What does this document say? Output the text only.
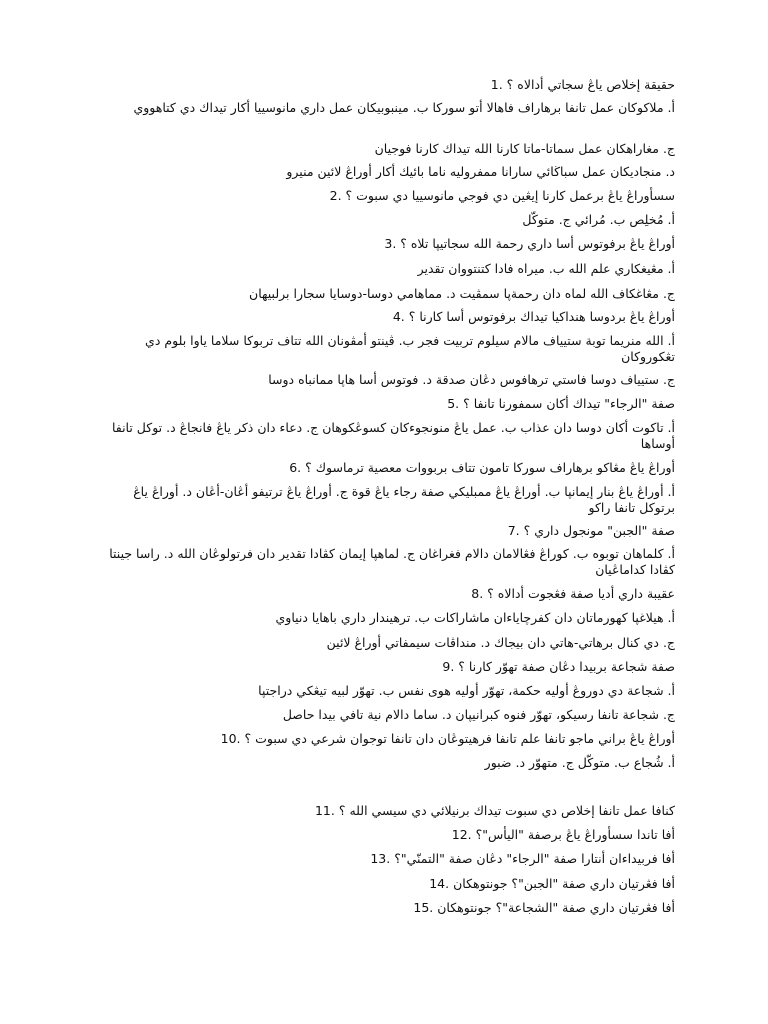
حقيقة إخلاص ياڠ سجاتي أدالاه ؟ .1
أ. ملاكوكان عمل تانفا برهاراف فاهالا أتو سوركا ب. مينبوبيكان عمل داري مانوسييا أكار تيداك دي كتاهووي
ج. مغاراهكان عمل سماتا-ماتا كارنا الله تيداك كارنا فوجيان
د. منجاديكان عمل سباڬائي سارانا ممفروليه ناما بائيك أكار أوراڠ لائين منيرو
سسأوراڠ ياڠ برعمل كارنا إيڠين دي فوجي مانوسييا دي سبوت ؟ .2
أ. مُخلِص ب. مُرائي ج. متوكّل
أوراڠ ياڠ برفوتوس أسا داري رحمة الله سجاتيپا تلاه ؟ .3
أ. مڠيغكاري علم الله ب. ميراه فادا كتنتووان تقدير
ج. مڠاغكاف الله لماه دان رحمةڽا سمڤيت د. مماهامي دوسا-دوسايا سجارا برلبيهان
أوراڠ ياڠ بردوسا هنداكيا تيداك برفوتوس أسا كارنا ؟ .4
أ. الله منريما توبة ستيياف مالام سيلوم تربيت فجر ب. ڤينتو أمڤونان الله تتاف تربوكا سلاما ياوا بلوم دي تڠكوروكان
ج. ستيياف دوسا فاستي ترهافوس دڠان صدقة د. فوتوس أسا هاپا ممانباه دوسا
صفة "الرجاء" تيداك أكان سمفورنا تانفا ؟ .5
أ. تاكوت أكان دوسا دان عذاب ب. عمل ياڠ منونجوءكان كسوڠكوهان ج. دعاء دان ذكر ياڠ فانجاڠ د. توكل تانفا أوساها
أوراڠ ياڠ مڠاكو برهاراف سوركا تامون تتاف بربووات معصية ترماسوك ؟ .6
أ. أوراڠ ياڠ بنار إيمانپا ب. أوراڠ ياڠ ممبليكي صفة رجاء ياڠ قوة ج. أوراڠ ياڠ ترتيفو أڠان-أڠان د. أوراڠ ياڠ برتوكل تانفا راكو
صفة "الجبن" مونجول داري ؟ .7
أ. كلماهان توبوه ب. كوراڠ فڠالامان دالام فغراغان ج. لماهپا إيمان كڤادا تقدير دان فرتولوڠان الله د. راسا جينتا كڤادا كداماڠيان
عقيبة داري أديا صفة فڠجوت أدالاه ؟ .8
أ. هيلاغپا كهورماتان دان كفرچاياءان ماشاراكات ب. ترهيندار داري باهايا دنياوي
ج. دي كنال برهاتي-هاتي دان بيجاك د. منداڤات سيمفاتي أوراڠ لائين
صفة شجاعة بربيدا دڠان صفة تهوّر كارنا ؟ .9
أ. شجاعة دي دوروڠ أوليه حكمة، تهوّر أوليه هوى نفس ب. تهوّر لبيه تيڠكي دراجتپا
ج. شجاعة تانفا رسيكو، تهوّر فنوه كبرانيپان د. ساما دالام نية تافي بيدا حاصل
أوراڠ ياڠ براني ماجو تانفا علم تانفا فرهيتوڠان دان تانفا توجوان شرعي دي سبوت ؟ .10
أ. شُجاع ب. متوكّل ج. متهوّر د. ضبور
كنافا عمل تانفا إخلاص دي سبوت تيداك برنيلائي دي سيسي الله ؟ .11
أفا تاندا سسأوراڠ ياڠ برصفة "اليأس"؟ .12
أفا فربيداءان أنتارا صفة "الرجاء" دڠان صفة "التمنّي"؟ .13
أفا فڠرتيان داري صفة "الجبن"؟ جونتوهكان .14
أفا فڠرتيان داري صفة "الشجاعة"؟ جونتوهكان .15
